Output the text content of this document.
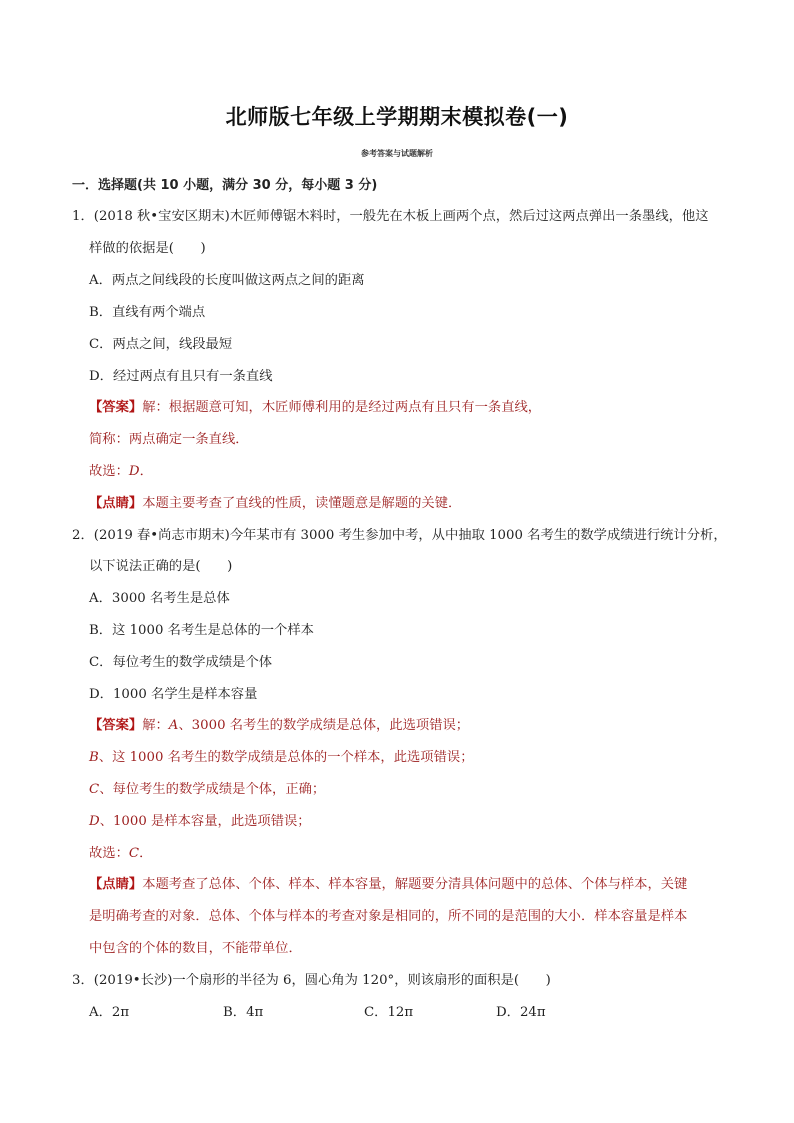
北师版七年级上学期期末模拟卷(一)
参考答案与试题解析
一．选择题(共 10 小题，满分 30 分，每小题 3 分)
1．(2018 秋•宝安区期末)木匠师傅锯木料时，一般先在木板上画两个点，然后过这两点弹出一条墨线，他这
样做的依据是(　　)
A．两点之间线段的长度叫做这两点之间的距离
B．直线有两个端点
C．两点之间，线段最短
D．经过两点有且只有一条直线
【答案】解：根据题意可知，木匠师傅利用的是经过两点有且只有一条直线，
简称：两点确定一条直线．
故选：D．
【点睛】本题主要考查了直线的性质，读懂题意是解题的关键．
2．(2019 春•尚志市期末)今年某市有 3000 考生参加中考，从中抽取 1000 名考生的数学成绩进行统计分析，
以下说法正确的是(　　)
A．3000 名考生是总体
B．这 1000 名考生是总体的一个样本
C．每位考生的数学成绩是个体
D．1000 名学生是样本容量
【答案】解：A、3000 名考生的数学成绩是总体，此选项错误；
B、这 1000 名考生的数学成绩是总体的一个样本，此选项错误；
C、每位考生的数学成绩是个体，正确；
D、1000 是样本容量，此选项错误；
故选：C．
【点睛】本题考查了总体、个体、样本、样本容量，解题要分清具体问题中的总体、个体与样本，关键
是明确考查的对象．总体、个体与样本的考查对象是相同的，所不同的是范围的大小．样本容量是样本
中包含的个体的数目，不能带单位．
3．(2019•长沙)一个扇形的半径为 6，圆心角为 120°，则该扇形的面积是(　　)
A．2π	B．4π	C．12π	D．24π
